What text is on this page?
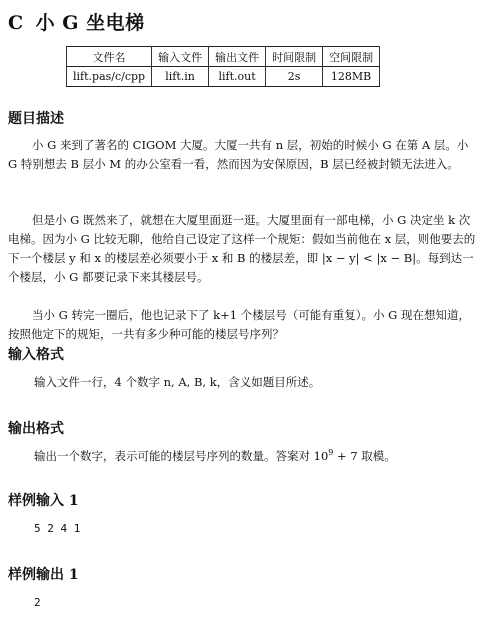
C 小 G 坐电梯
文件名	输入文件	输出文件	时间限制	空间限制
lift.pas/c/cpp	lift.in	lift.out	2s	128MB
题目描述
小 G 来到了著名的 CIGOM 大厦。大厦一共有 n 层，初始的时候小 G 在第 A 层。小 G 特别想去 B 层小 M 的办公室看一看，然而因为安保原因，B 层已经被封锁无法进入。
但是小 G 既然来了，就想在大厦里面逛一逛。大厦里面有一部电梯，小 G 决定坐 k 次电梯。因为小 G 比较无聊，他给自己设定了这样一个规矩：假如当前他在 x 层，则他要去的下一个楼层 y 和 x 的楼层差必须要小于 x 和 B 的楼层差，即 |x − y| < |x − B|。每到达一个楼层，小 G 都要记录下来其楼层号。
当小 G 转完一圈后，他也记录下了 k+1 个楼层号（可能有重复）。小 G 现在想知道，按照他定下的规矩，一共有多少种可能的楼层号序列？
输入格式
输入文件一行，4 个数字 n, A, B, k，含义如题目所述。
输出格式
输出一个数字，表示可能的楼层号序列的数量。答案对 $10^9 + 7$ 取模。
样例输入 1
5 2 4 1
样例输出 1
2
